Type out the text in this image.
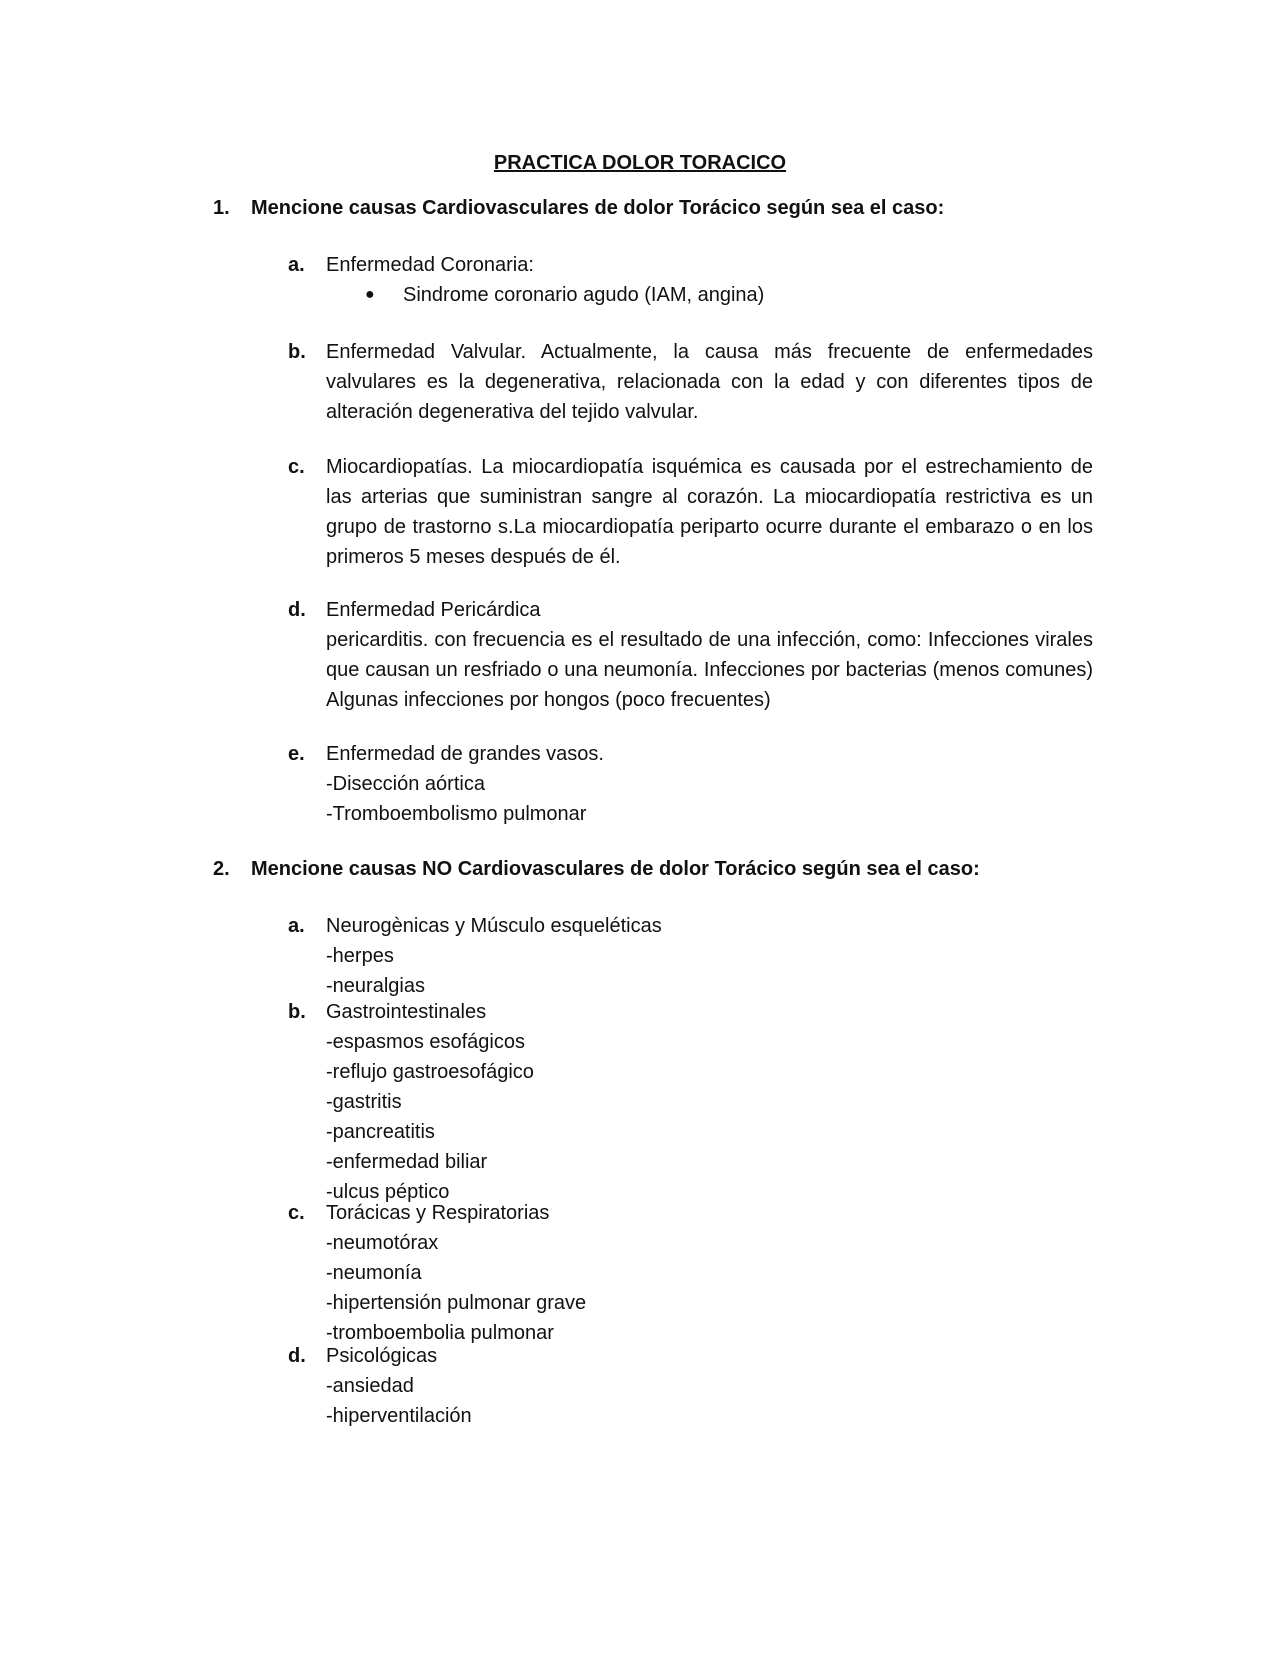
PRACTICA DOLOR TORACICO
1. Mencione causas Cardiovasculares de dolor Torácico según sea el caso:
a. Enfermedad Coronaria:
● Sindrome coronario agudo (IAM, angina)
b. Enfermedad Valvular. Actualmente, la causa más frecuente de enfermedades valvulares es la degenerativa, relacionada con la edad y con diferentes tipos de alteración degenerativa del tejido valvular.
c. Miocardiopatías. La miocardiopatía isquémica es causada por el estrechamiento de las arterias que suministran sangre al corazón. La miocardiopatía restrictiva es un grupo de trastorno s.La miocardiopatía periparto ocurre durante el embarazo o en los primeros 5 meses después de él.
d. Enfermedad Pericárdica
pericarditis. con frecuencia es el resultado de una infección, como: Infecciones virales que causan un resfriado o una neumonía. Infecciones por bacterias (menos comunes) Algunas infecciones por hongos (poco frecuentes)
e. Enfermedad de grandes vasos.
-Disección aórtica
-Tromboembolismo pulmonar
2. Mencione causas NO Cardiovasculares de dolor Torácico según sea el caso:
a. Neurogènicas y Músculo esqueléticas
-herpes
-neuralgias
b. Gastrointestinales
-espasmos esofágicos
-reflujo gastroesofágico
-gastritis
-pancreatitis
-enfermedad biliar
-ulcus péptico
c. Torácicas y Respiratorias
-neumotórax
-neumonía
-hipertensión pulmonar grave
-tromboembolia pulmonar
d. Psicológicas
-ansiedad
-hiperventilación
